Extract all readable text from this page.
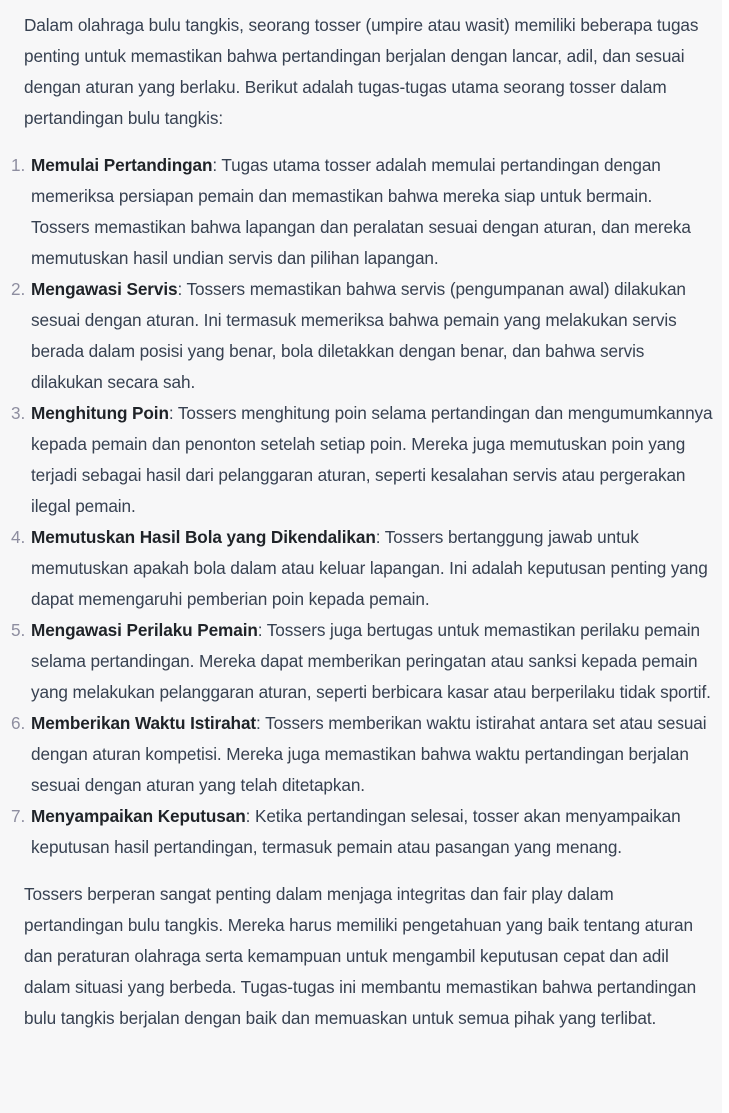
Dalam olahraga bulu tangkis, seorang tosser (umpire atau wasit) memiliki beberapa tugas penting untuk memastikan bahwa pertandingan berjalan dengan lancar, adil, dan sesuai dengan aturan yang berlaku. Berikut adalah tugas-tugas utama seorang tosser dalam pertandingan bulu tangkis:

1. Memulai Pertandingan: Tugas utama tosser adalah memulai pertandingan dengan memeriksa persiapan pemain dan memastikan bahwa mereka siap untuk bermain. Tossers memastikan bahwa lapangan dan peralatan sesuai dengan aturan, dan mereka memutuskan hasil undian servis dan pilihan lapangan.
2. Mengawasi Servis: Tossers memastikan bahwa servis (pengumpanan awal) dilakukan sesuai dengan aturan. Ini termasuk memeriksa bahwa pemain yang melakukan servis berada dalam posisi yang benar, bola diletakkan dengan benar, dan bahwa servis dilakukan secara sah.
3. Menghitung Poin: Tossers menghitung poin selama pertandingan dan mengumumkannya kepada pemain dan penonton setelah setiap poin. Mereka juga memutuskan poin yang terjadi sebagai hasil dari pelanggaran aturan, seperti kesalahan servis atau pergerakan ilegal pemain.
4. Memutuskan Hasil Bola yang Dikendalikan: Tossers bertanggung jawab untuk memutuskan apakah bola dalam atau keluar lapangan. Ini adalah keputusan penting yang dapat memengaruhi pemberian poin kepada pemain.
5. Mengawasi Perilaku Pemain: Tossers juga bertugas untuk memastikan perilaku pemain selama pertandingan. Mereka dapat memberikan peringatan atau sanksi kepada pemain yang melakukan pelanggaran aturan, seperti berbicara kasar atau berperilaku tidak sportif.
6. Memberikan Waktu Istirahat: Tossers memberikan waktu istirahat antara set atau sesuai dengan aturan kompetisi. Mereka juga memastikan bahwa waktu pertandingan berjalan sesuai dengan aturan yang telah ditetapkan.
7. Menyampaikan Keputusan: Ketika pertandingan selesai, tosser akan menyampaikan keputusan hasil pertandingan, termasuk pemain atau pasangan yang menang.

Tossers berperan sangat penting dalam menjaga integritas dan fair play dalam pertandingan bulu tangkis. Mereka harus memiliki pengetahuan yang baik tentang aturan dan peraturan olahraga serta kemampuan untuk mengambil keputusan cepat dan adil dalam situasi yang berbeda. Tugas-tugas ini membantu memastikan bahwa pertandingan bulu tangkis berjalan dengan baik dan memuaskan untuk semua pihak yang terlibat.
